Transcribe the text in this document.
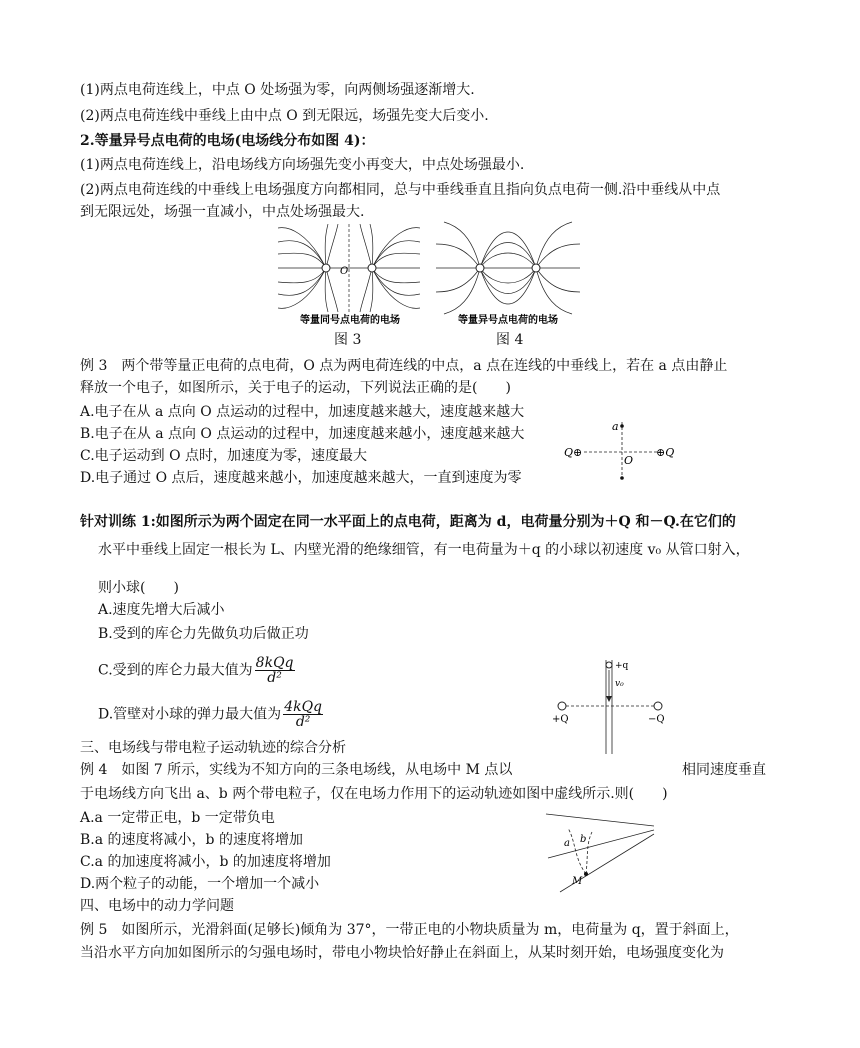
(1)两点电荷连线上，中点 O 处场强为零，向两侧场强逐渐增大.
(2)两点电荷连线中垂线上由中点 O 到无限远，场强先变大后变小.
2.等量异号点电荷的电场(电场线分布如图 4)：
(1)两点电荷连线上，沿电场线方向场强先变小再变大，中点处场强最小.
(2)两点电荷连线的中垂线上电场强度方向都相同，总与中垂线垂直且指向负点电荷一侧.沿中垂线从中点
到无限远处，场强一直减小，中点处场强最大.
O
等量同号点电荷的电场	等量异号点电荷的电场
图 3	图 4
例 3　两个带等量正电荷的点电荷，O 点为两电荷连线的中点，a 点在连线的中垂线上，若在 a 点由静止
释放一个电子，如图所示，关于电子的运动，下列说法正确的是(　　)
A.电子在从 a 点向 O 点运动的过程中，加速度越来越大，速度越来越大
B.电子在从 a 点向 O 点运动的过程中，加速度越来越小，速度越来越大
C.电子运动到 O 点时，加速度为零，速度最大
D.电子通过 O 点后，速度越来越小，加速度越来越大，一直到速度为零
a
O
Q⊕	⊕Q
针对训练 1:如图所示为两个固定在同一水平面上的点电荷，距离为 d，电荷量分别为＋Q 和－Q.在它们的
水平中垂线上固定一根长为 L、内壁光滑的绝缘细管，有一电荷量为＋q 的小球以初速度 v₀ 从管口射入，
则小球(　　)
A.速度先增大后减小
B.受到的库仑力先做负功后做正功
C.受到的库仑力最大值为 $\frac{\text{8kQq}}{\text{d²}}$
D.管壁对小球的弹力最大值为 $\frac{\text{4kQq}}{\text{d²}}$
+q
v₀
+Q	−Q
三、电场线与带电粒子运动轨迹的综合分析
例 4　如图 7 所示，实线为不知方向的三条电场线，从电场中 M 点以	相同速度垂直
于电场线方向飞出 a、b 两个带电粒子，仅在电场力作用下的运动轨迹如图中虚线所示.则(　　)
A.a 一定带正电，b 一定带负电
B.a 的速度将减小，b 的速度将增加
C.a 的加速度将减小，b 的加速度将增加
D.两个粒子的动能，一个增加一个减小
a b
M
四、电场中的动力学问题
例 5　如图所示，光滑斜面(足够长)倾角为 37°，一带正电的小物块质量为 m，电荷量为 q，置于斜面上，
当沿水平方向加如图所示的匀强电场时，带电小物块恰好静止在斜面上，从某时刻开始，电场强度变化为
